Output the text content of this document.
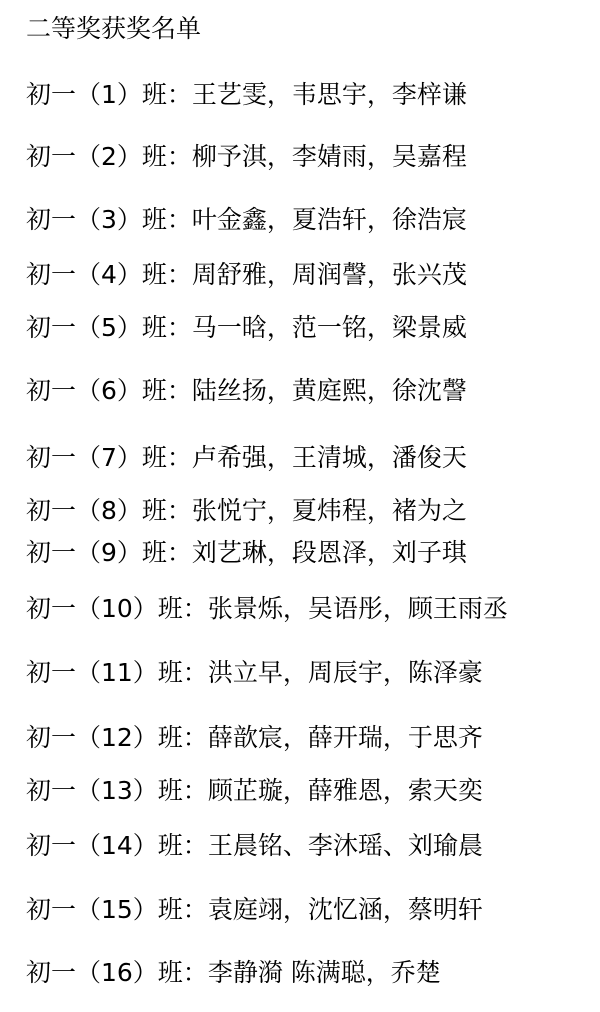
二等奖获奖名单
初一（1）班：王艺雯，韦思宇，李梓谦
初一（2）班：柳予淇，李婧雨，吴嘉程
初一（3）班：叶金鑫，夏浩轩，徐浩宸
初一（4）班：周舒雅，周润謦，张兴茂
初一（5）班：马一晗，范一铭，梁景威
初一（6）班：陆丝扬，黄庭熙，徐沈謦
初一（7）班：卢希强，王清城，潘俊天
初一（8）班：张悦宁，夏炜程，褚为之
初一（9）班：刘艺琳，段恩泽，刘子琪
初一（10）班：张景烁，吴语彤，顾王雨丞
初一（11）班：洪立早，周辰宇，陈泽豪
初一（12）班：薛歆宸，薛开瑞，于思齐
初一（13）班：顾芷璇，薛雅恩，索天奕
初一（14）班：王晨铭、李沐瑶、刘瑜晨
初一（15）班：袁庭翊，沈忆涵，蔡明轩
初一（16）班：李静漪 陈满聪，乔楚
